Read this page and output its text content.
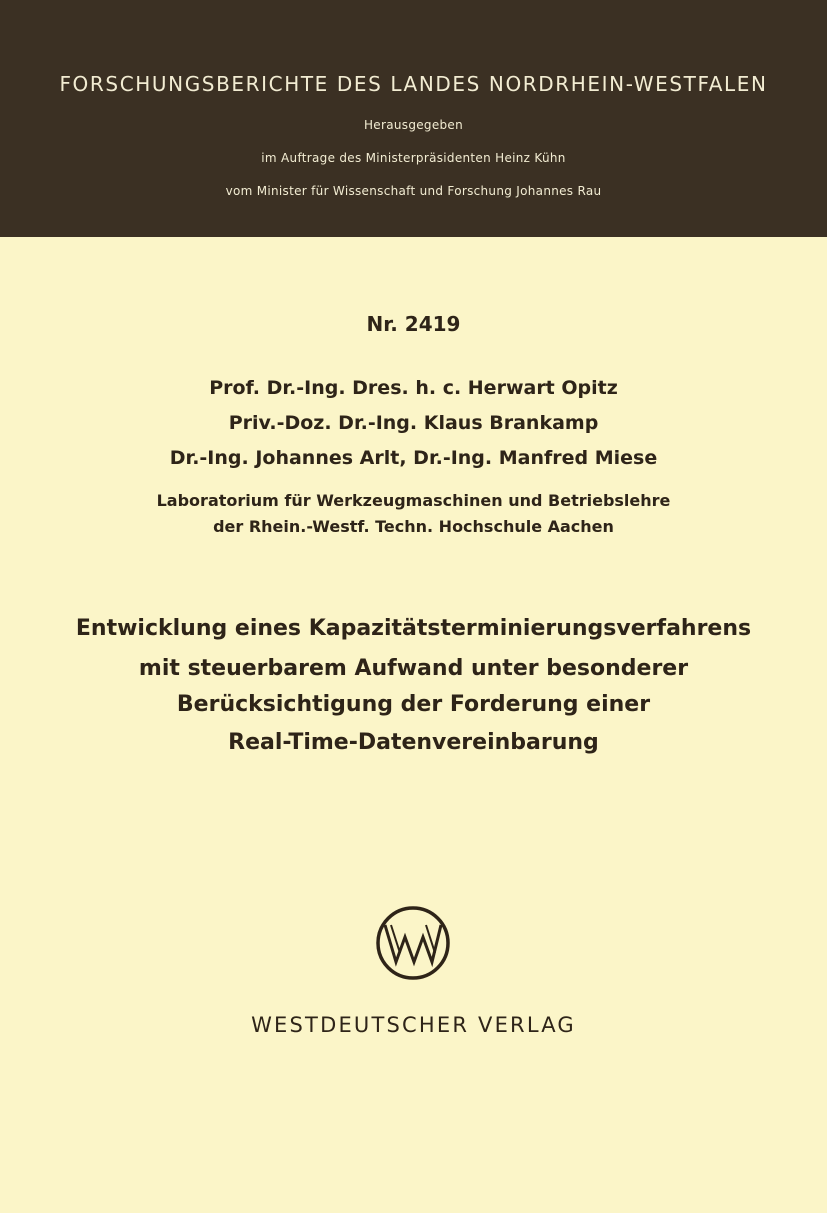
FORSCHUNGSBERICHTE DES LANDES NORDRHEIN-WESTFALEN
Herausgegeben
im Auftrage des Ministerpräsidenten Heinz Kühn
vom Minister für Wissenschaft und Forschung Johannes Rau
Nr. 2419
Prof. Dr.-Ing. Dres. h. c. Herwart Opitz
Priv.-Doz. Dr.-Ing. Klaus Brankamp
Dr.-Ing. Johannes Arlt, Dr.-Ing. Manfred Miese
Laboratorium für Werkzeugmaschinen und Betriebslehre
der Rhein.-Westf. Techn. Hochschule Aachen
Entwicklung eines Kapazitätsterminierungsverfahrens
mit steuerbarem Aufwand unter besonderer
Berücksichtigung der Forderung einer
Real-Time-Datenvereinbarung
WESTDEUTSCHER VERLAG
